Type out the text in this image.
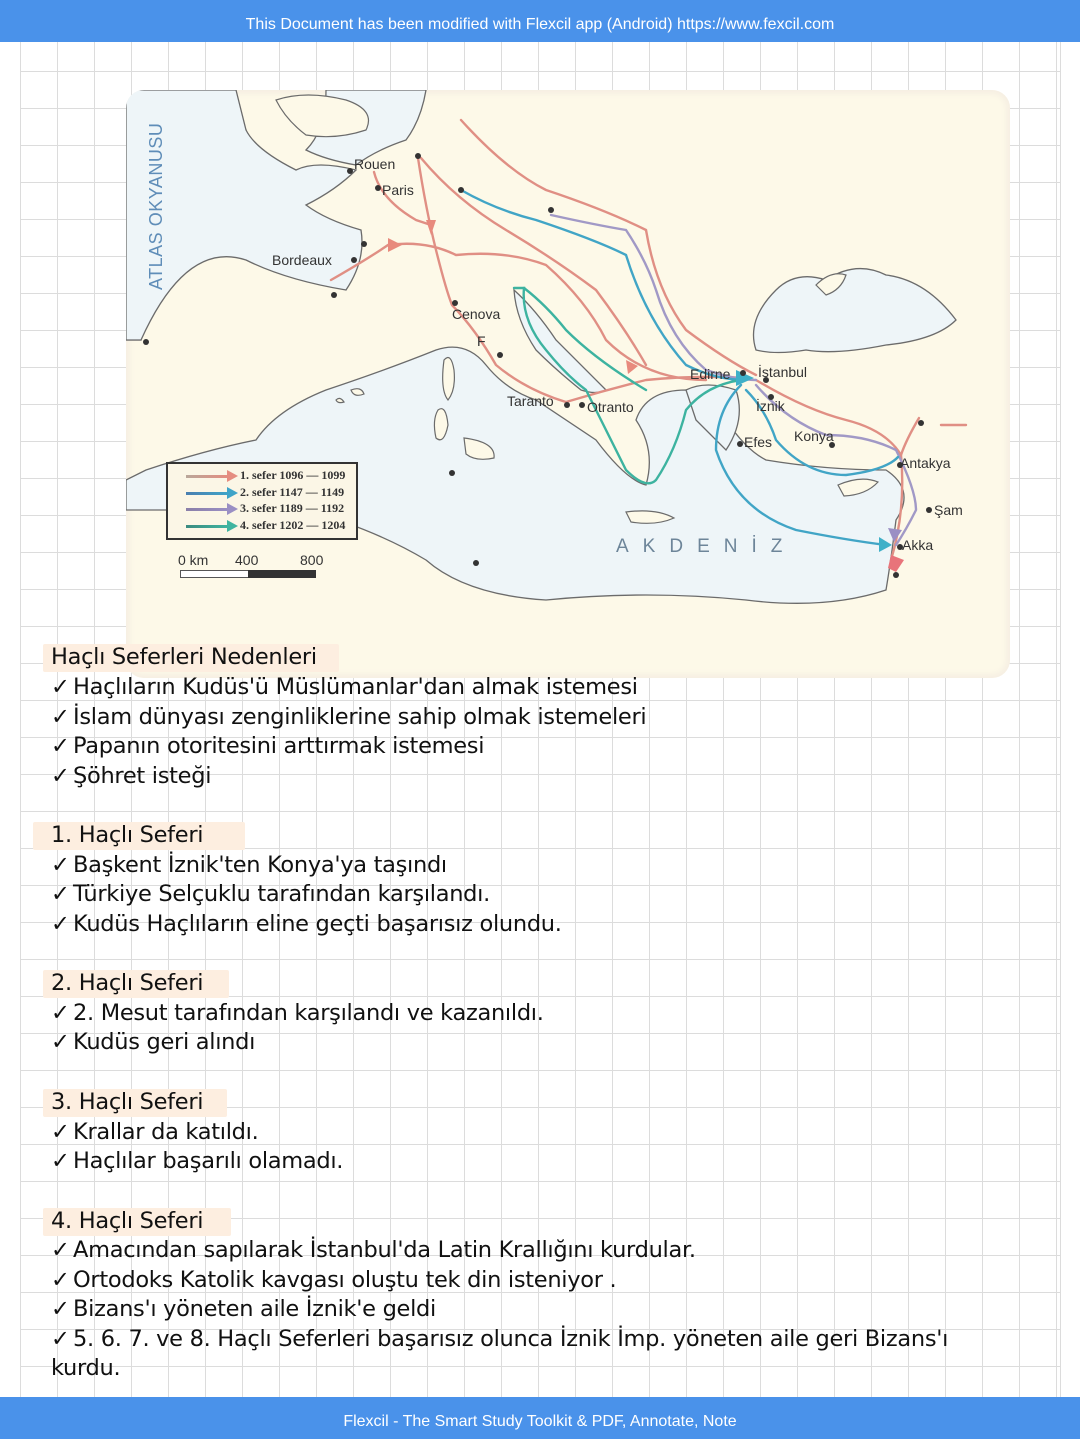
This Document has been modified with Flexcil app (Android) https://www.fexcil.com
ATLAS OKYANUSU
AKDENİZ
Rouen
Paris
Bordeaux
Cenova
F
Taranto Otranto
Edirne İstanbul
İznik
Efes Konya
Antakya
Şam
Akka
1. sefer 1096 — 1099
2. sefer 1147 — 1149
3. sefer 1189 — 1192
4. sefer 1202 — 1204
0 km 400	800
Haçlı Seferleri Nedenleri
✓ Haçlıların Kudüs'ü Müslümanlar'dan almak istemesi
✓ İslam dünyası zenginliklerine sahip olmak istemeleri
✓ Papanın otoritesini arttırmak istemesi
✓ Şöhret isteği
1. Haçlı Seferi
✓ Başkent İznik'ten Konya'ya taşındı
✓ Türkiye Selçuklu tarafından karşılandı.
✓ Kudüs Haçlıların eline geçti başarısız olundu.
2. Haçlı Seferi
✓ 2. Mesut tarafından karşılandı ve kazanıldı.
✓ Kudüs geri alındı
3. Haçlı Seferi
✓ Krallar da katıldı.
✓ Haçlılar başarılı olamadı.
4. Haçlı Seferi
✓ Amacından sapılarak İstanbul'da Latin Krallığını kurdular.
✓ Ortodoks Katolik kavgası oluştu tek din isteniyor .
✓ Bizans'ı yöneten aile İznik'e geldi
✓ 5. 6. 7. ve 8. Haçlı Seferleri başarısız olunca İznik İmp. yöneten aile geri Bizans'ı
kurdu.
Flexcil - The Smart Study Toolkit & PDF, Annotate, Note
